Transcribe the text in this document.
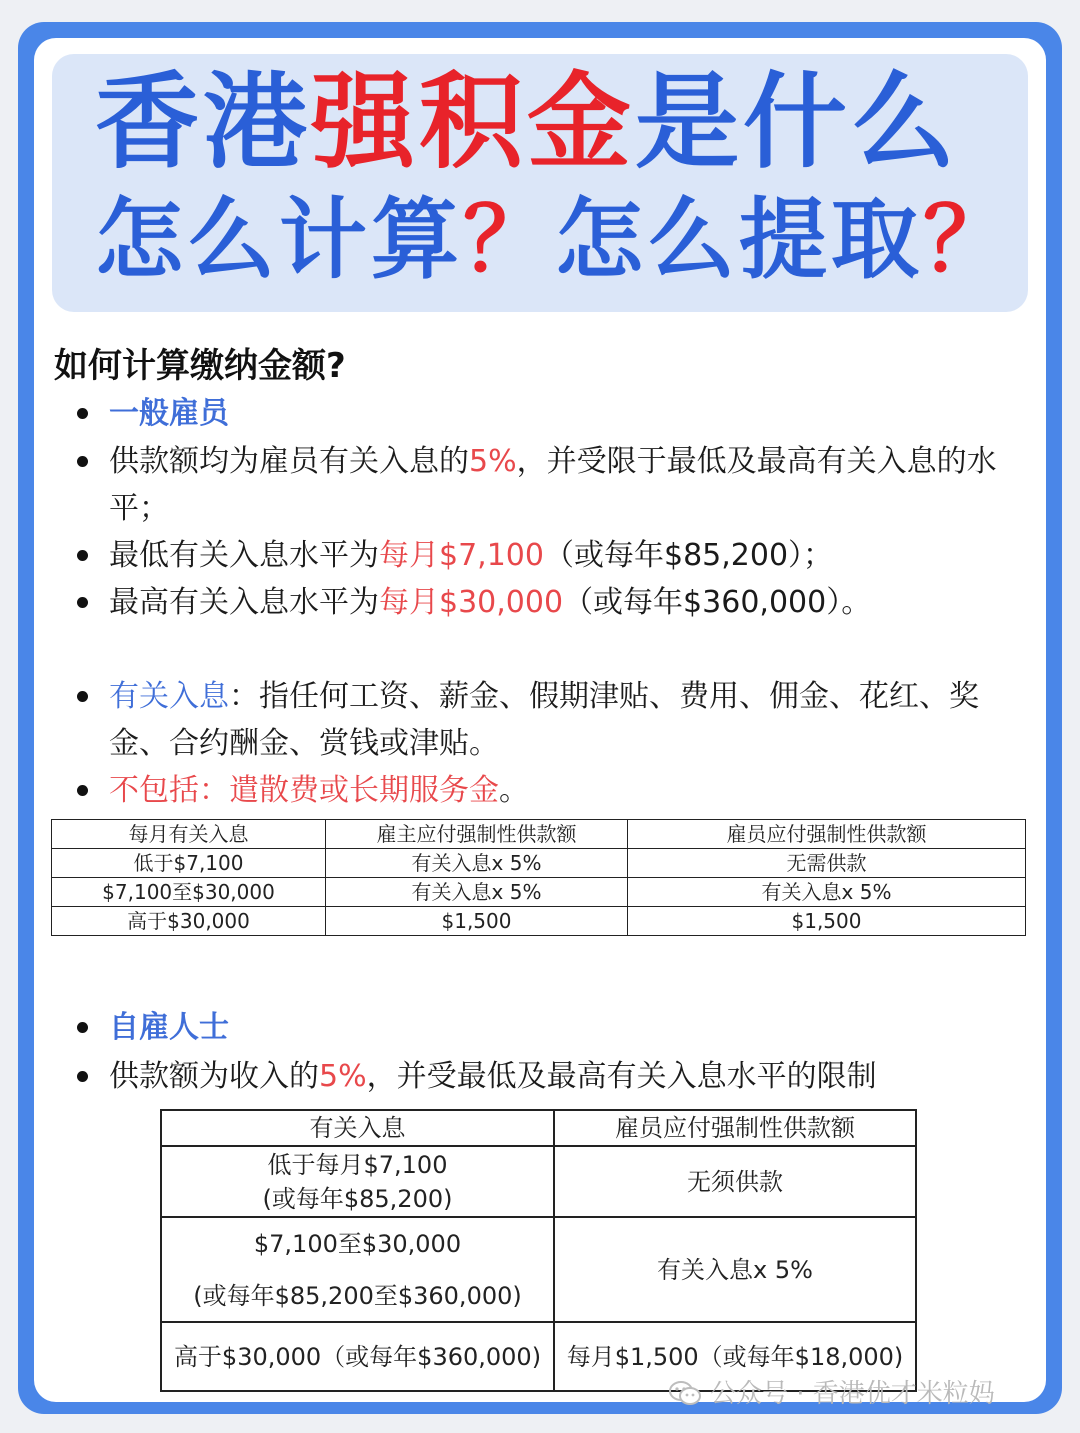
香港强积金是什么
怎么计算？怎么提取？
如何计算缴纳金额?
一般雇员
供款额均为雇员有关入息的5%，并受限于最低及最高有关入息的水平；
最低有关入息水平为每月$7,100（或每年$85,200）；
最高有关入息水平为每月$30,000（或每年$360,000）。
有关入息：指任何工资、薪金、假期津贴、费用、佣金、花红、奖金、合约酬金、赏钱或津贴。
不包括：遣散费或长期服务金。
每月有关入息	雇主应付强制性供款额	雇员应付强制性供款额
低于$7,100	有关入息x 5%	无需供款
$7,100至$30,000	有关入息x 5%	有关入息x 5%
高于$30,000	$1,500	$1,500
自雇人士
供款额为收入的5%，并受最低及最高有关入息水平的限制
有关入息	雇员应付强制性供款额

低于每月$7,100
(或每年$85,200)	无须供款

$7,100至$30,000
(或每年$85,200至$360,000)	有关入息x 5%
高于$30,000（或每年$360,000)	每月$1,500（或每年$18,000)
公众号 · 香港优才米粒妈
